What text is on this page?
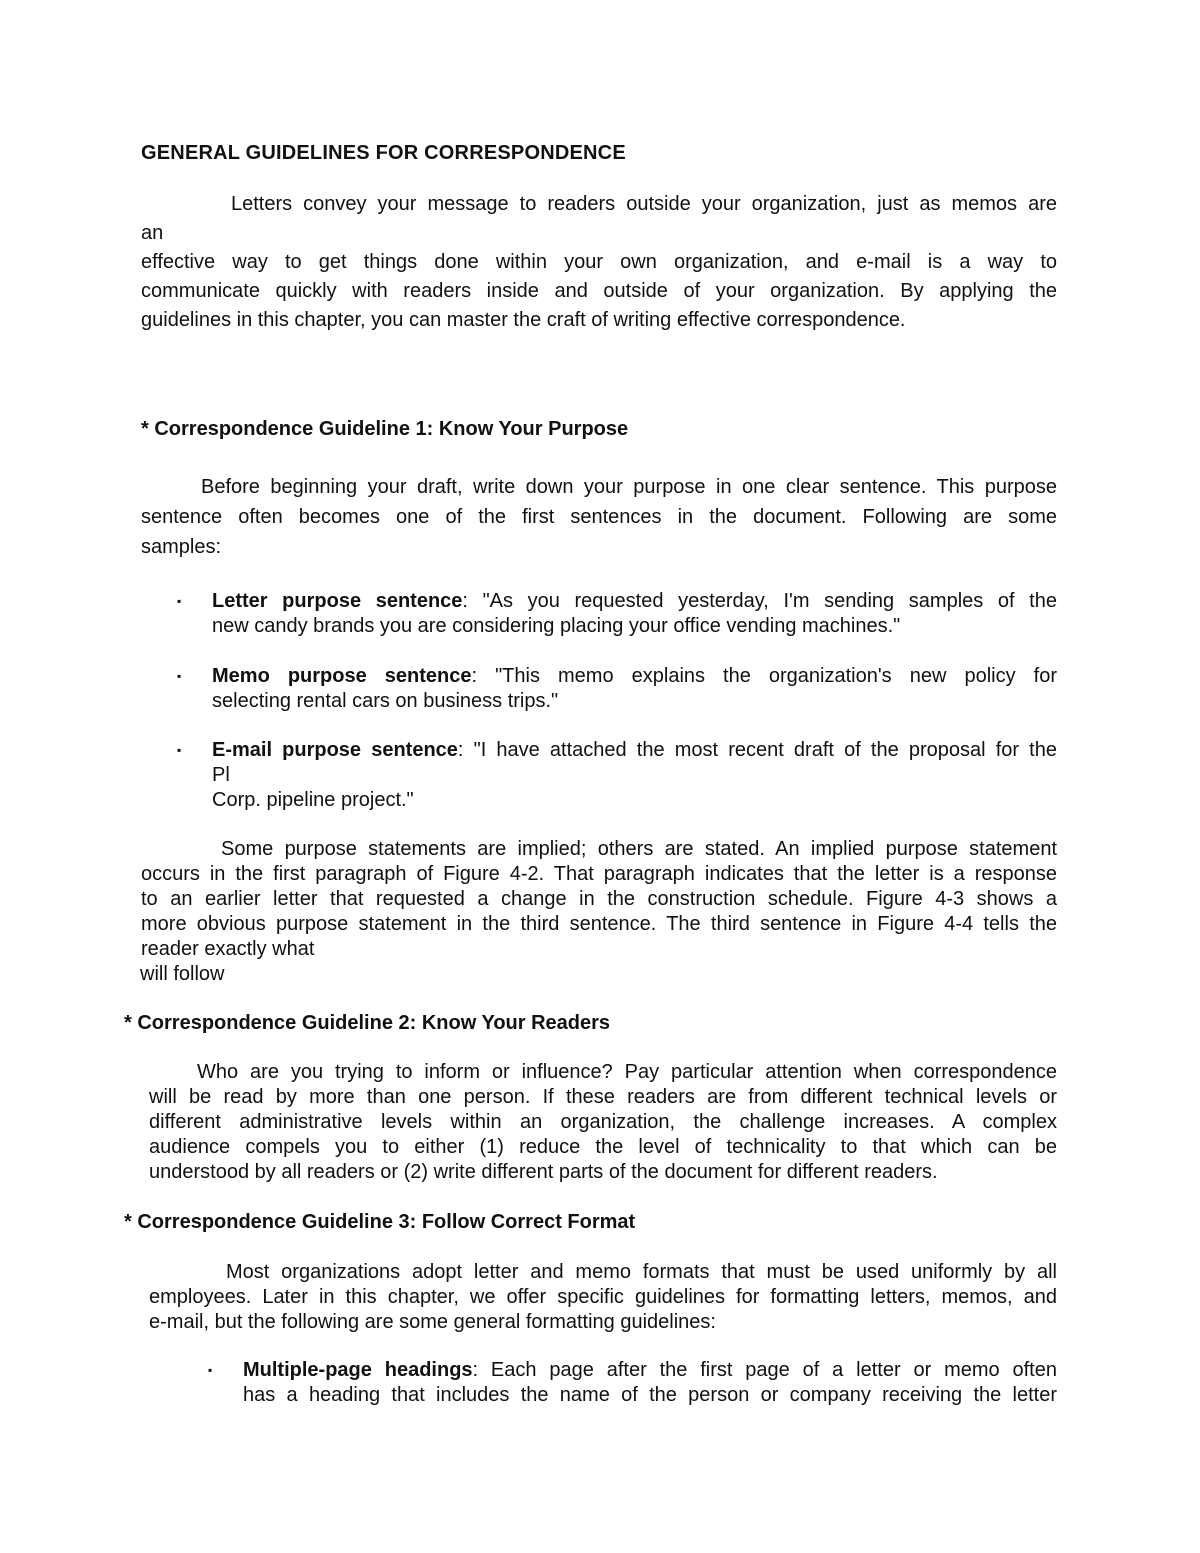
GENERAL GUIDELINES FOR CORRESPONDENCE
Letters convey your message to readers outside your organization, just as memos are
an
effective way to get things done within your own organization, and e-mail is a way to
communicate quickly with readers inside and outside of your organization. By applying the
guidelines in this chapter, you can master the craft of writing effective correspondence.
* Correspondence Guideline 1: Know Your Purpose
Before beginning your draft, write down your purpose in one clear sentence. This purpose
sentence often becomes one of the first sentences in the document. Following are some
samples:
▪ Letter purpose sentence: "As you requested yesterday, I'm sending samples of the
new candy brands you are considering placing your office vending machines."
▪ Memo purpose sentence: "This memo explains the organization's new policy for
selecting rental cars on business trips."
▪ E-mail purpose sentence: "I have attached the most recent draft of the proposal for the
Pl
Corp. pipeline project."
Some purpose statements are implied; others are stated. An implied purpose statement
occurs in the first paragraph of Figure 4-2. That paragraph indicates that the letter is a response
to an earlier letter that requested a change in the construction schedule. Figure 4-3 shows a
more obvious purpose statement in the third sentence. The third sentence in Figure 4-4 tells the
reader exactly what
will follow
* Correspondence Guideline 2: Know Your Readers
Who are you trying to inform or influence? Pay particular attention when correspondence
will be read by more than one person. If these readers are from different technical levels or
different administrative levels within an organization, the challenge increases. A complex
audience compels you to either (1) reduce the level of technicality to that which can be
understood by all readers or (2) write different parts of the document for different readers.
* Correspondence Guideline 3: Follow Correct Format
Most organizations adopt letter and memo formats that must be used uniformly by all
employees. Later in this chapter, we offer specific guidelines for formatting letters, memos, and
e-mail, but the following are some general formatting guidelines:
▪ Multiple-page headings: Each page after the first page of a letter or memo often
has a heading that includes the name of the person or company receiving the letter
